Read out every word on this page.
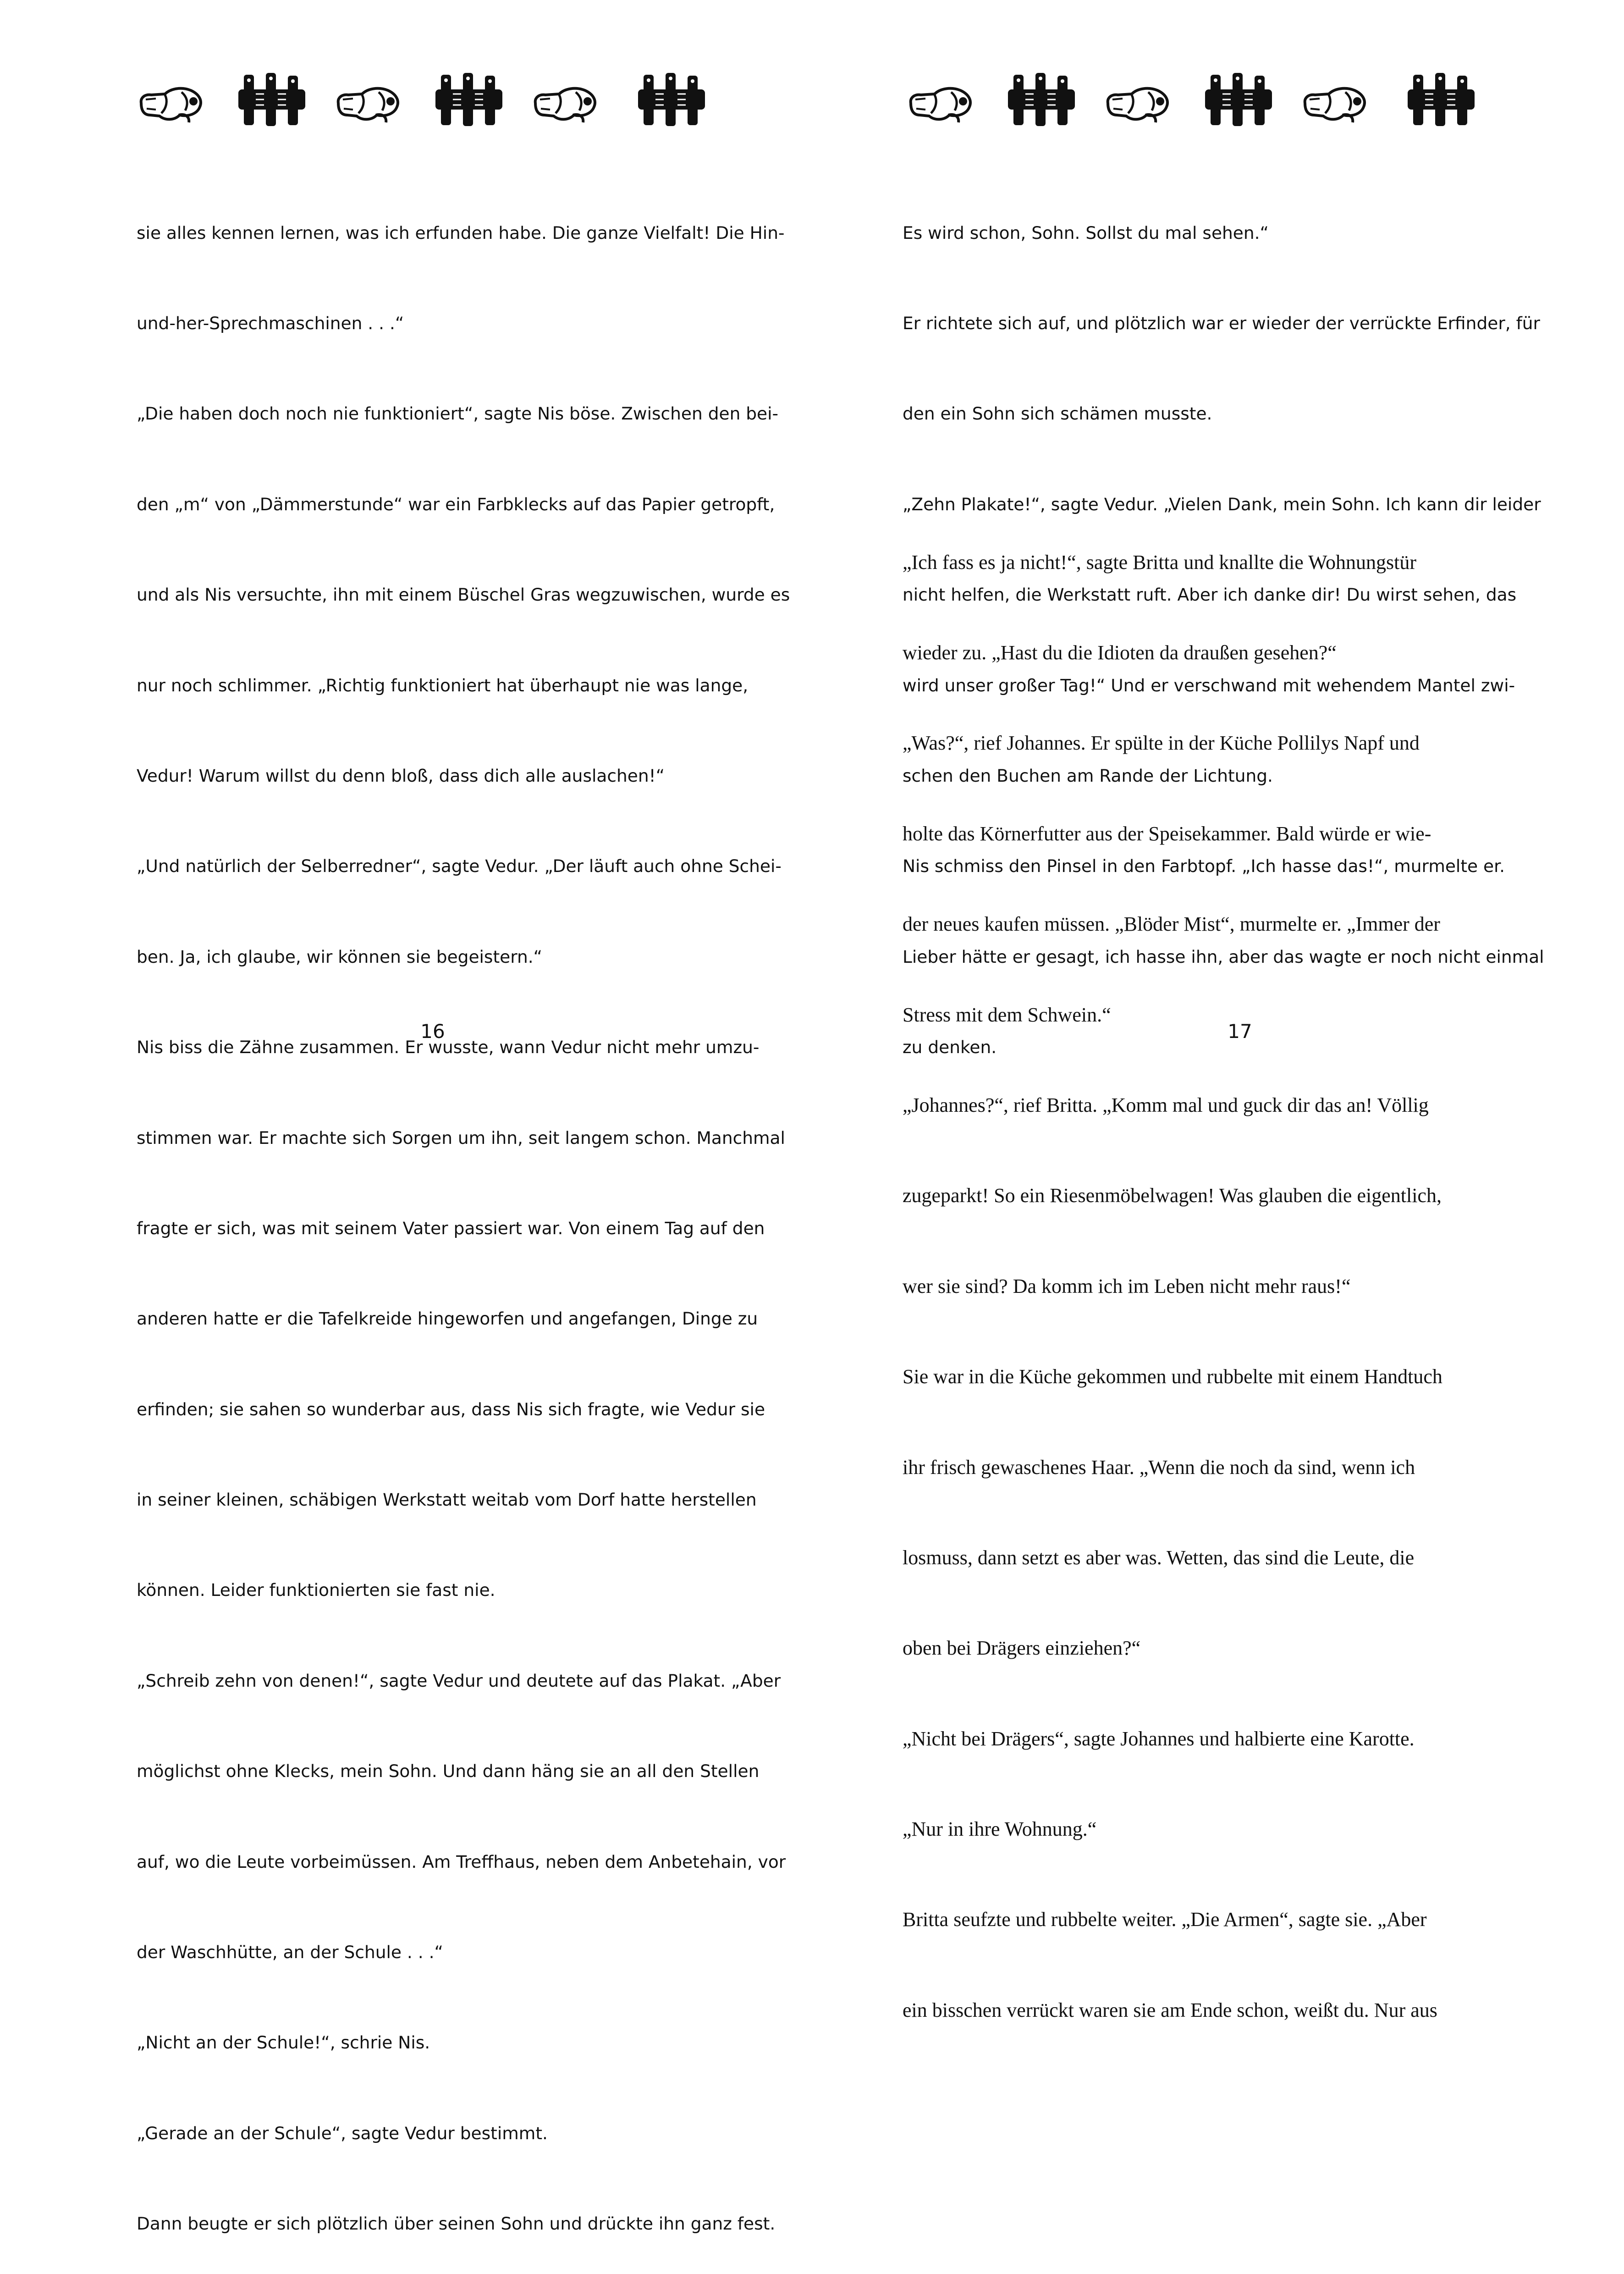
sie alles kennen lernen, was ich erfunden habe. Die ganze Vielfalt! Die Hin-

und-her-Sprechmaschinen . . .“

„Die haben doch noch nie funktioniert“, sagte Nis böse. Zwischen den bei-

den „m“ von „Dämmerstunde“ war ein Farbklecks auf das Papier getropft,

und als Nis versuchte, ihn mit einem Büschel Gras wegzuwischen, wurde es

nur noch schlimmer. „Richtig funktioniert hat überhaupt nie was lange,

Vedur! Warum willst du denn bloß, dass dich alle auslachen!“

„Und natürlich der Selberredner“, sagte Vedur. „Der läuft auch ohne Schei-

ben. Ja, ich glaube, wir können sie begeistern.“

Nis biss die Zähne zusammen. Er wusste, wann Vedur nicht mehr umzu-

stimmen war. Er machte sich Sorgen um ihn, seit langem schon. Manchmal

fragte er sich, was mit seinem Vater passiert war. Von einem Tag auf den

anderen hatte er die Tafelkreide hingeworfen und angefangen, Dinge zu

erfinden; sie sahen so wunderbar aus, dass Nis sich fragte, wie Vedur sie

in seiner kleinen, schäbigen Werkstatt weitab vom Dorf hatte herstellen

können. Leider funktionierten sie fast nie.

„Schreib zehn von denen!“, sagte Vedur und deutete auf das Plakat. „Aber

möglichst ohne Klecks, mein Sohn. Und dann häng sie an all den Stellen

auf, wo die Leute vorbeimüssen. Am Treffhaus, neben dem Anbetehain, vor

der Waschhütte, an der Schule . . .“

„Nicht an der Schule!“, schrie Nis.

„Gerade an der Schule“, sagte Vedur bestimmt.

Dann beugte er sich plötzlich über seinen Sohn und drückte ihn ganz fest.

16

Es wird schon, Sohn. Sollst du mal sehen.“

Er richtete sich auf, und plötzlich war er wieder der verrückte Erfinder, für

den ein Sohn sich schämen musste.

„Zehn Plakate!“, sagte Vedur. „Vielen Dank, mein Sohn. Ich kann dir leider

nicht helfen, die Werkstatt ruft. Aber ich danke dir! Du wirst sehen, das

wird unser großer Tag!“ Und er verschwand mit wehendem Mantel zwi-

schen den Buchen am Rande der Lichtung.

Nis schmiss den Pinsel in den Farbtopf. „Ich hasse das!“, murmelte er.

Lieber hätte er gesagt, ich hasse ihn, aber das wagte er noch nicht einmal

zu denken.

„Ich fass es ja nicht!“, sagte Britta und knallte die Wohnungstür

wieder zu. „Hast du die Idioten da draußen gesehen?“

„Was?“, rief Johannes. Er spülte in der Küche Pollilys Napf und

holte das Körnerfutter aus der Speisekammer. Bald würde er wie-

der neues kaufen müssen. „Blöder Mist“, murmelte er. „Immer der

Stress mit dem Schwein.“

„Johannes?“, rief Britta. „Komm mal und guck dir das an! Völlig

zugeparkt! So ein Riesenmöbelwagen! Was glauben die eigentlich,

wer sie sind? Da komm ich im Leben nicht mehr raus!“

Sie war in die Küche gekommen und rubbelte mit einem Handtuch

ihr frisch gewaschenes Haar. „Wenn die noch da sind, wenn ich

losmuss, dann setzt es aber was. Wetten, das sind die Leute, die

oben bei Drägers einziehen?“

„Nicht bei Drägers“, sagte Johannes und halbierte eine Karotte.

„Nur in ihre Wohnung.“

Britta seufzte und rubbelte weiter. „Die Armen“, sagte sie. „Aber

ein bisschen verrückt waren sie am Ende schon, weißt du. Nur aus

17
